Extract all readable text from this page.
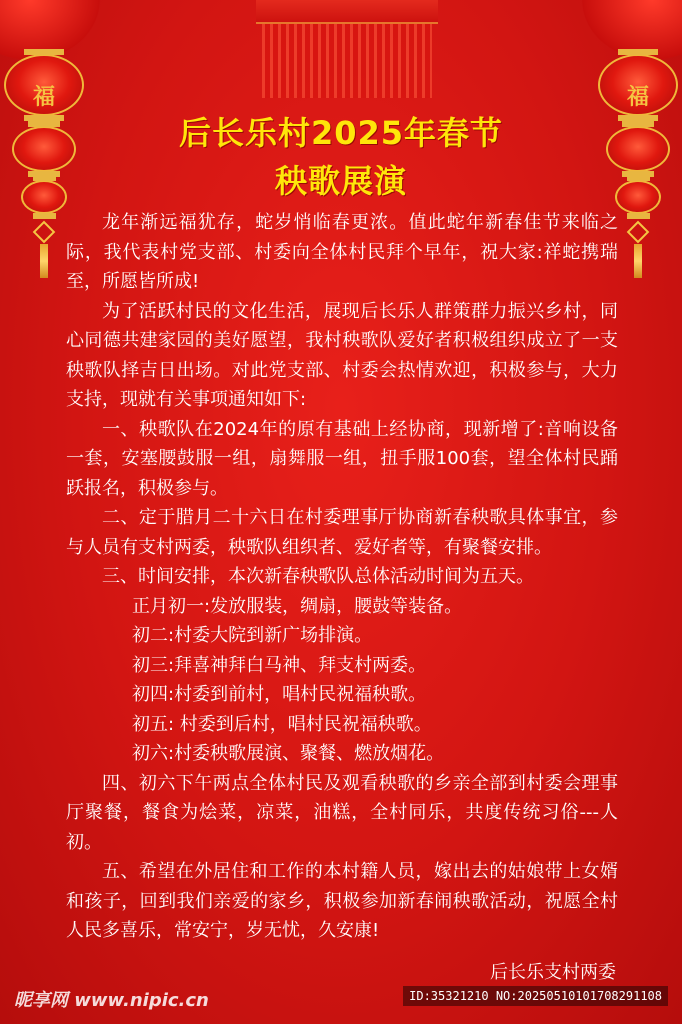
福	福
后长乐村2025年春节
秧歌展演

龙年渐远福犹存，蛇岁悄临春更浓。值此蛇年新春佳节来临之际，我代表村党支部、村委向全体村民拜个早年，祝大家:祥蛇携瑞至，所愿皆所成!

为了活跃村民的文化生活，展现后长乐人群策群力振兴乡村，同心同德共建家园的美好愿望，我村秧歌队爱好者积极组织成立了一支秧歌队择吉日出场。对此党支部、村委会热情欢迎，积极参与，大力支持，现就有关事项通知如下:

一、秧歌队在2024年的原有基础上经协商，现新增了:音响设备一套，安塞腰鼓服一组，扇舞服一组，扭手服100套，望全体村民踊跃报名，积极参与。

二、定于腊月二十六日在村委理事厅协商新春秧歌具体事宜，参与人员有支村两委，秧歌队组织者、爱好者等，有聚餐安排。

三、时间安排，本次新春秧歌队总体活动时间为五天。

正月初一:发放服装，绸扇，腰鼓等装备。

初二:村委大院到新广场排演。

初三:拜喜神拜白马神、拜支村两委。

初四:村委到前村，唱村民祝福秧歌。

初五: 村委到后村，唱村民祝福秧歌。

初六:村委秧歌展演、聚餐、燃放烟花。

四、初六下午两点全体村民及观看秧歌的乡亲全部到村委会理事厅聚餐，餐食为烩菜，凉菜，油糕，全村同乐，共度传统习俗---人初。

五、希望在外居住和工作的本村籍人员，嫁出去的姑娘带上女婿和孩子，回到我们亲爱的家乡，积极参加新春闹秧歌活动，祝愿全村人民多喜乐，常安宁，岁无忧，久安康!

后长乐支村两委
昵享网 www.nipic.cn	ID:35321210 NO:20250510101708291108
